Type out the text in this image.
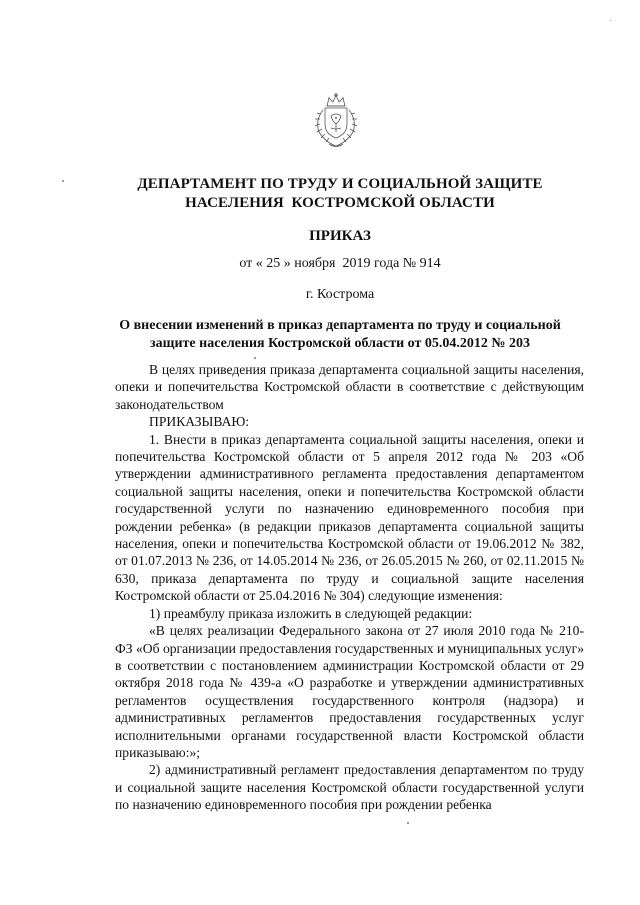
ДЕПАРТАМЕНТ ПО ТРУДУ И СОЦИАЛЬНОЙ ЗАЩИТЕ
НАСЕЛЕНИЯ  КОСТРОМСКОЙ ОБЛАСТИ
ПРИКАЗ
от « 25 » ноября  2019 года № 914
г. Кострома
О внесении изменений в приказ департамента по труду и социальной
защите населения Костромской области от 05.04.2012 № 203

В целях приведения приказа департамента социальной защиты населения, опеки и попечительства Костромской области в соответствие с действующим законодательством

ПРИКАЗЫВАЮ:

1. Внести в приказ департамента социальной защиты населения, опеки и попечительства Костромской области от 5 апреля 2012 года № 203 «Об утверждении административного регламента предоставления департаментом социальной защиты населения, опеки и попечительства Костромской области государственной услуги по назначению единовременного пособия при рождении ребенка» (в редакции приказов департамента социальной защиты населения, опеки и попечительства Костромской области от 19.06.2012 № 382, от 01.07.2013 № 236, от 14.05.2014 № 236, от 26.05.2015 № 260, от 02.11.2015 № 630, приказа департамента по труду и социальной защите населения Костромской области от 25.04.2016 № 304) следующие изменения:

1) преамбулу приказа изложить в следующей редакции:

«В целях реализации Федерального закона от 27 июля 2010 года № 210-ФЗ «Об организации предоставления государственных и муниципальных услуг» в соответствии с постановлением администрации Костромской области от 29 октября 2018 года № 439-а «О разработке и утверждении административных регламентов осуществления государственного контроля (надзора) и административных регламентов предоставления государственных услуг исполнительными органами государственной власти Костромской области приказываю:»;

2) административный регламент предоставления департаментом по труду и социальной защите населения Костромской области государственной услуги по назначению единовременного пособия при рождении ребенка
